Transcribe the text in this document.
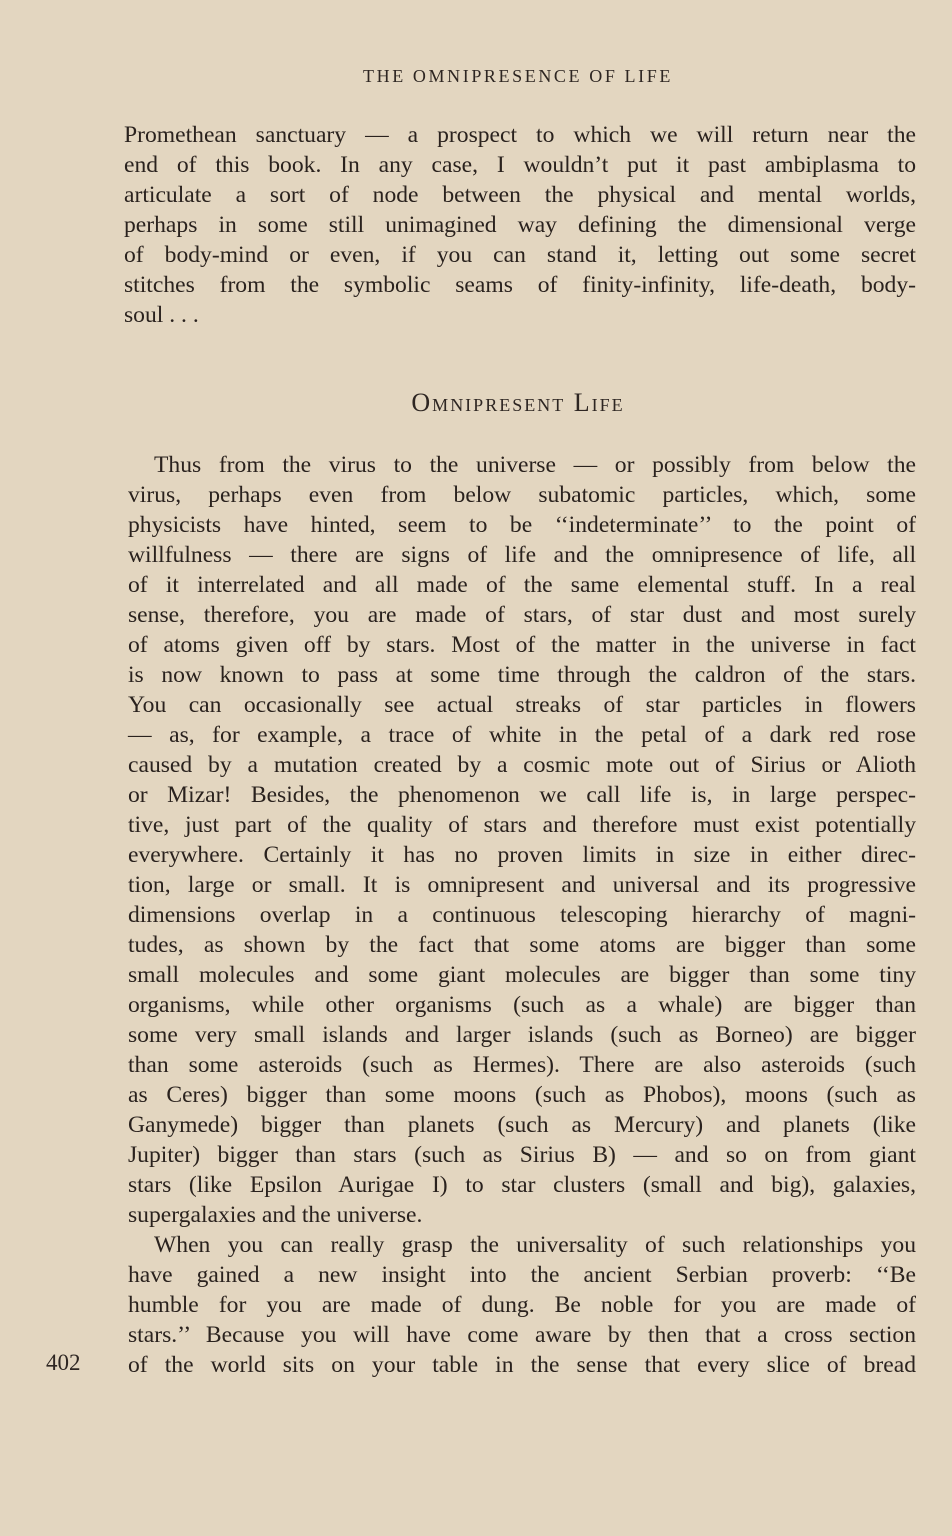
THE OMNIPRESENCE OF LIFE
Promethean sanctuary — a prospect to which we will return near the
end of this book. In any case, I wouldn’t put it past ambiplasma to
articulate a sort of node between the physical and mental worlds,
perhaps in some still unimagined way defining the dimensional verge
of body-mind or even, if you can stand it, letting out some secret
stitches from the symbolic seams of finity-infinity, life-death, body-
soul . . .
Omnipresent Life
Thus from the virus to the universe — or possibly from below the
virus, perhaps even from below subatomic particles, which, some
physicists have hinted, seem to be ‘‘indeterminate’’ to the point of
willfulness — there are signs of life and the omnipresence of life, all
of it interrelated and all made of the same elemental stuff. In a real
sense, therefore, you are made of stars, of star dust and most surely
of atoms given off by stars. Most of the matter in the universe in fact
is now known to pass at some time through the caldron of the stars.
You can occasionally see actual streaks of star particles in flowers
— as, for example, a trace of white in the petal of a dark red rose
caused by a mutation created by a cosmic mote out of Sirius or Alioth
or Mizar! Besides, the phenomenon we call life is, in large perspec-
tive, just part of the quality of stars and therefore must exist potentially
everywhere. Certainly it has no proven limits in size in either direc-
tion, large or small. It is omnipresent and universal and its progressive
dimensions overlap in a continuous telescoping hierarchy of magni-
tudes, as shown by the fact that some atoms are bigger than some
small molecules and some giant molecules are bigger than some tiny
organisms, while other organisms (such as a whale) are bigger than
some very small islands and larger islands (such as Borneo) are bigger
than some asteroids (such as Hermes). There are also asteroids (such
as Ceres) bigger than some moons (such as Phobos), moons (such as
Ganymede) bigger than planets (such as Mercury) and planets (like
Jupiter) bigger than stars (such as Sirius B) — and so on from giant
stars (like Epsilon Aurigae I) to star clusters (small and big), galaxies,
supergalaxies and the universe.
When you can really grasp the universality of such relationships you
have gained a new insight into the ancient Serbian proverb: ‘‘Be
humble for you are made of dung. Be noble for you are made of
stars.’’ Because you will have come aware by then that a cross section
of the world sits on your table in the sense that every slice of bread
402
